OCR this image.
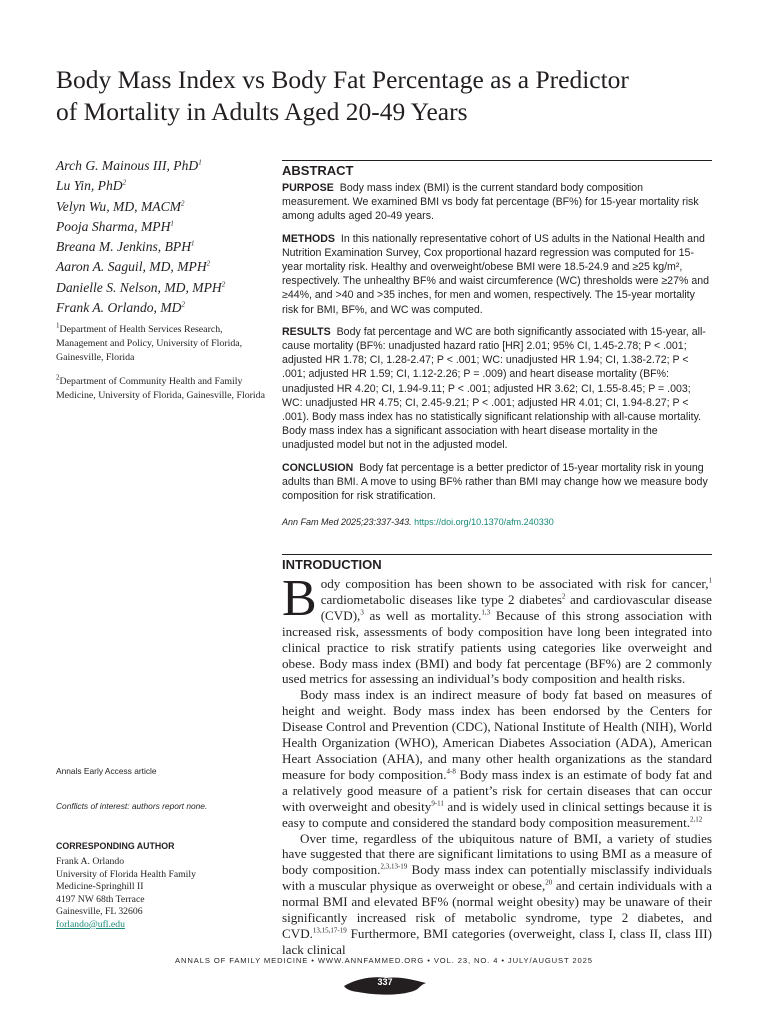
Body Mass Index vs Body Fat Percentage as a Predictor
of Mortality in Adults Aged 20-49 Years
Arch G. Mainous III, PhD$^1$
Lu Yin, PhD$^2$
Velyn Wu, MD, MACM$^2$
Pooja Sharma, MPH$^1$
Breana M. Jenkins, BPH$^1$
Aaron A. Saguil, MD, MPH$^2$
Danielle S. Nelson, MD, MPH$^2$
Frank A. Orlando, $MD^2$
$^1$Department of Health Services Research, Management and Policy, University of Florida, Gainesville, Florida
$^2$Department of Community Health and Family Medicine, University of Florida, Gainesville, Florida
ABSTRACT

PURPOSE Body mass index (BMI) is the current standard body composition measurement. We examined BMI vs body fat percentage (BF%) for 15-year mortality risk among adults aged 20-49 years.

METHODS In this nationally representative cohort of US adults in the National Health and Nutrition Examination Survey, Cox proportional hazard regression was computed for 15-year mortality risk. Healthy and overweight/obese BMI were 18.5-24.9 and ≥25 kg/m², respectively. The unhealthy BF% and waist circumference (WC) thresholds were ≥27% and ≥44%, and >40 and >35 inches, for men and women, respectively. The 15-year mortality risk for BMI, BF%, and WC was computed.

RESULTS Body fat percentage and WC are both significantly associated with 15-year, all-cause mortality (BF%: unadjusted hazard ratio [HR] 2.01; 95% CI, 1.45-2.78; P < .001; adjusted HR 1.78; CI, 1.28-2.47; P < .001; WC: unadjusted HR 1.94; CI, 1.38-2.72; P < .001; adjusted HR 1.59; CI, 1.12-2.26; P = .009) and heart disease mortality (BF%: unadjusted HR 4.20; CI, 1.94-9.11; P < .001; adjusted HR 3.62; CI, 1.55-8.45; P = .003; WC: unadjusted HR 4.75; CI, 2.45-9.21; P < .001; adjusted HR 4.01; CI, 1.94-8.27; P < .001). Body mass index has no statistically significant relationship with all-cause mortality. Body mass index has a significant association with heart disease mortality in the unadjusted model but not in the adjusted model.

CONCLUSION Body fat percentage is a better predictor of 15-year mortality risk in young adults than BMI. A move to using BF% rather than BMI may change how we measure body composition for risk stratification.

Ann Fam Med 2025;23:337-343. https://doi.org/10.1370/afm.240330
INTRODUCTION

Body composition has been shown to be associated with risk for cancer,$^1$ cardiometabolic diseases like type 2 diabetes$^2$ and cardiovascular disease (CVD),$^3$ as well as mortality.$^{1,3}$ Because of this strong association with increased risk, assessments of body composition have long been integrated into clinical practice to risk stratify patients using categories like overweight and obese. Body mass index (BMI) and body fat percentage (BF%) are 2 commonly used metrics for assessing an individual’s body composition and health risks.

Body mass index is an indirect measure of body fat based on measures of height and weight. Body mass index has been endorsed by the Centers for Disease Control and Prevention (CDC), National Institute of Health (NIH), World Health Organization (WHO), American Diabetes Association (ADA), American Heart Association (AHA), and many other health organizations as the standard measure for body composition.$^{4-8}$ Body mass index is an estimate of body fat and a relatively good measure of a patient’s risk for certain diseases that can occur with overweight and obesity$^{9-11}$ and is widely used in clinical settings because it is easy to compute and considered the standard body composition measurement.$^{2,12}$

Over time, regardless of the ubiquitous nature of BMI, a variety of studies have suggested that there are significant limitations to using BMI as a measure of body composition.$^{2,3,13-19}$ Body mass index can potentially misclassify individuals with a muscular physique as overweight or obese,$^{20}$ and certain individuals with a normal BMI and elevated BF% (normal weight obesity) may be unaware of their significantly increased risk of metabolic syndrome, type 2 diabetes, and CVD.$^{13,15,17-19}$ Furthermore, BMI categories (overweight, class I, class II, class III) lack clinical

Annals Early Access article
Conflicts of interest: authors report none.
CORRESPONDING AUTHOR
Frank A. Orlando
University of Florida Health Family
Medicine-Springhill II
4197 NW 68th Terrace
Gainesville, FL 32606
forlando@ufl.edu
ANNALS OF FAMILY MEDICINE • WWW.ANNFAMMED.ORG • VOL. 23, NO. 4 • JULY/AUGUST 2025
337
